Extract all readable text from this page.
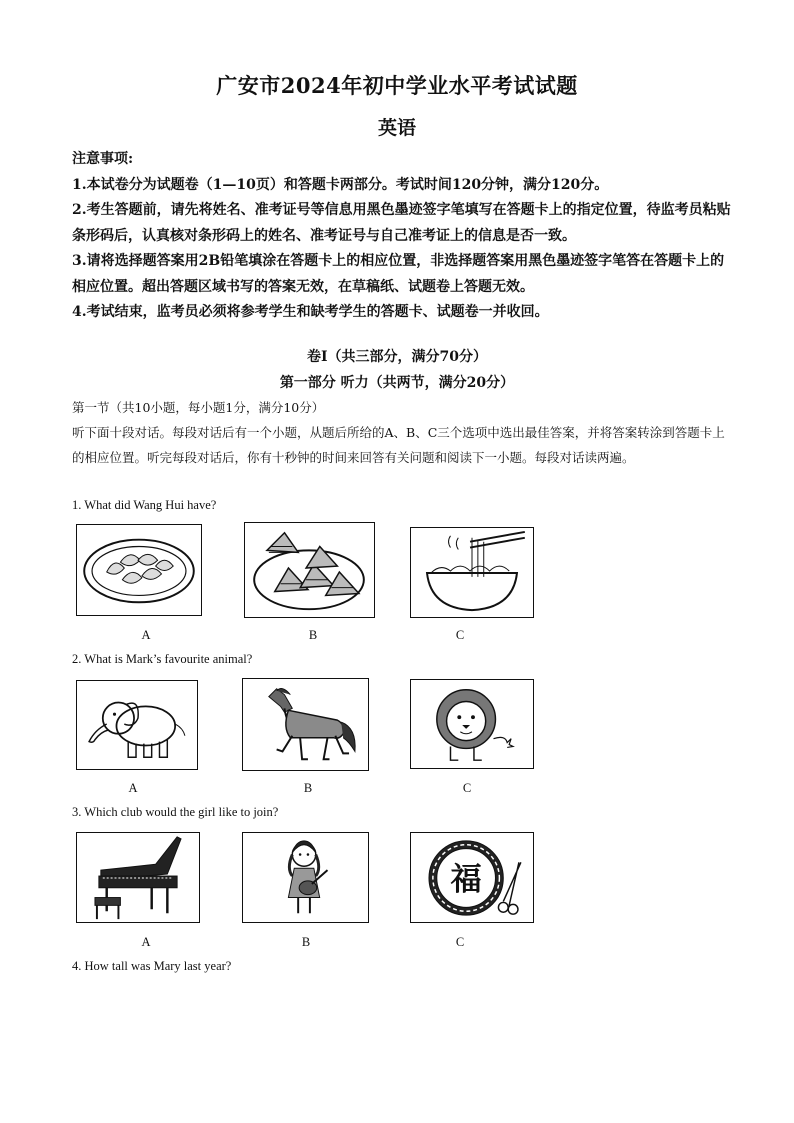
广安市2024年初中学业水平考试试题
英语

注意事项:

1.本试卷分为试题卷（1—10页）和答题卡两部分。考试时间120分钟，满分120分。

2.考生答题前，请先将姓名、准考证号等信息用黑色墨迹签字笔填写在答题卡上的指定位置，待监考员粘贴条形码后，认真核对条形码上的姓名、准考证号与自己准考证上的信息是否一致。

3.请将选择题答案用2B铅笔填涂在答题卡上的相应位置，非选择题答案用黑色墨迹签字笔答在答题卡上的相应位置。超出答题区域书写的答案无效，在草稿纸、试题卷上答题无效。

4.考试结束，监考员必须将参考学生和缺考学生的答题卡、试题卷一并收回。

卷Ⅰ（共三部分，满分70分）
第一部分 听力（共两节，满分20分）
第一节（共10小题，每小题1分，满分10分）
听下面十段对话。每段对话后有一个小题，从题后所给的A、B、C三个选项中选出最佳答案，并将答案转涂到答题卡上的相应位置。听完每段对话后，你有十秒钟的时间来回答有关问题和阅读下一小题。每段对话读两遍。
1. What did Wang Hui have?
A	B	C
2. What is Mark’s favourite animal?
A	B	C
3. Which club would the girl like to join?
A	B
福
C
4. How tall was Mary last year?
